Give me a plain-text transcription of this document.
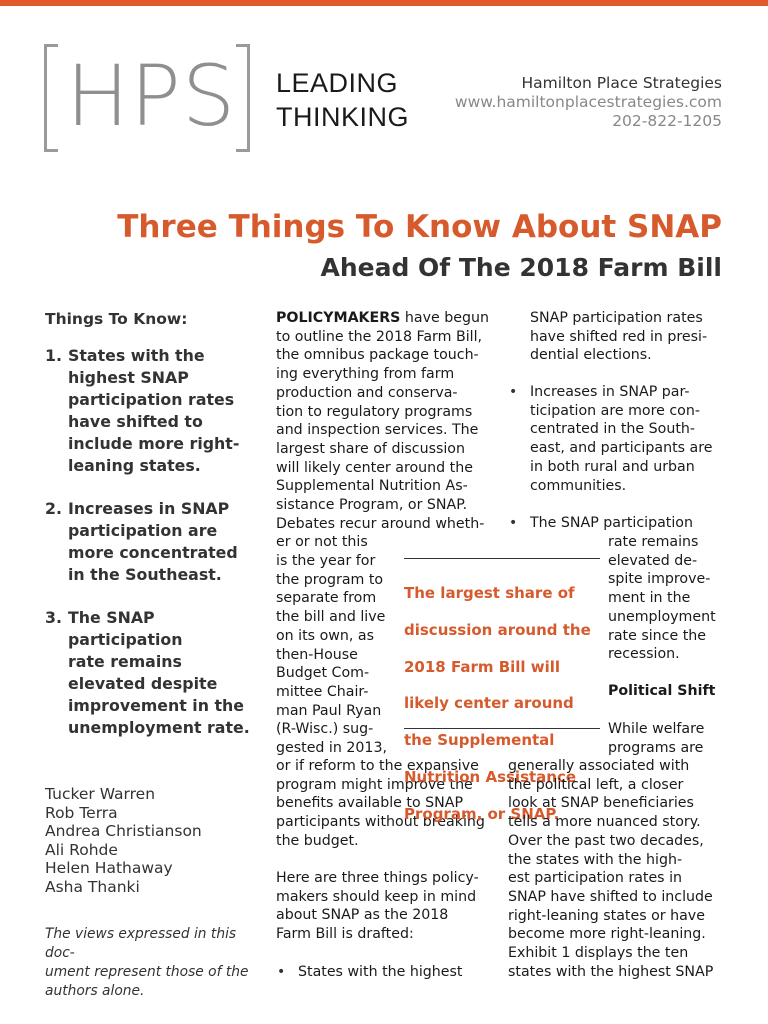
HPS LEADING
THINKING
Hamilton Place Strategies
www.hamiltonplacestrategies.com
202-822-1205
Three Things To Know About SNAP
Ahead Of The 2018 Farm Bill
Things To Know:
1. States with the
highest SNAP
participation rates
have shifted to
include more right-
leaning states.
2. Increases in SNAP
participation are
more concentrated
in the Southeast.
3. The SNAP
participation
rate remains
elevated despite
improvement in the
unemployment rate.
Tucker Warren
Rob Terra
Andrea Christianson
Ali Rohde
Helen Hathaway
Asha Thanki
The views expressed in this doc-
ument represent those of the
authors alone.

POLICYMAKERS have begun

to outline the 2018 Farm Bill,

the omnibus package touch-

ing everything from farm

production and conserva-

tion to regulatory programs

and inspection services. The

largest share of discussion

will likely center around the

Supplemental Nutrition As-

sistance Program, or SNAP.

Debates recur around wheth-

er or not this

is the year for

the program to

separate from

the bill and live

on its own, as

then-House

Budget Com-

mittee Chair-

man Paul Ryan

(R-Wisc.) sug-

gested in 2013,

or if reform to the expansive

program might improve the

benefits available to SNAP

participants without breaking

the budget.

Here are three things policy-

makers should keep in mind

about SNAP as the 2018

Farm Bill is drafted:

• States with the highest

The largest share of

discussion around the

2018 Farm Bill will

likely center around

the Supplemental

Nutrition Assistance

Program, or SNAP.

SNAP participation rates

have shifted red in presi-

dential elections.

• Increases in SNAP par-

ticipation are more con-

centrated in the South-

east, and participants are

in both rural and urban

communities.

• The SNAP participation

rate remains

elevated de-

spite improve-

ment in the

unemployment

rate since the

recession.

Political Shift

While welfare

programs are

generally associated with

the political left, a closer

look at SNAP beneficiaries

tells a more nuanced story.

Over the past two decades,

the states with the high-

est participation rates in

SNAP have shifted to include

right-leaning states or have

become more right-leaning.

Exhibit 1 displays the ten

states with the highest SNAP
